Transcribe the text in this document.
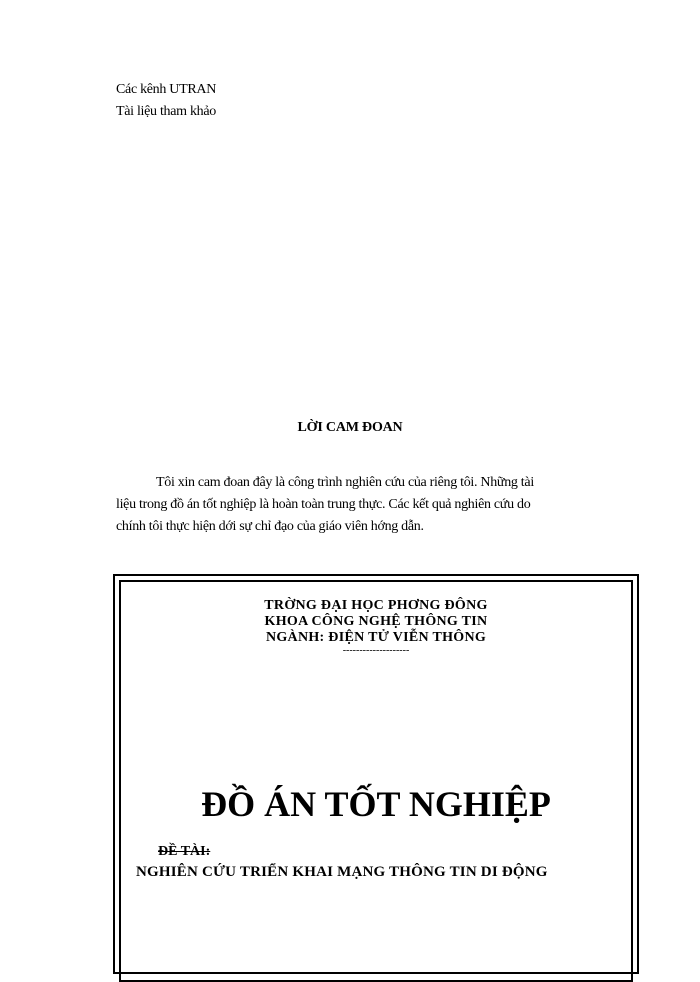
Các kênh UTRAN
Tài liệu tham khảo
LỜI CAM ĐOAN
Tôi xin cam đoan đây là công trình nghiên cứu của riêng tôi. Những tài
liệu trong đồ án tốt nghiệp là hoàn toàn trung thực. Các kết quả nghiên cứu do
chính tôi thực hiện dới sự chỉ đạo của giáo viên hớng dẫn.
TRỜNG ĐẠI HỌC PHƠNG ĐÔNG
KHOA CÔNG NGHỆ THÔNG TIN
NGÀNH: ĐIỆN TỬ VIỄN THÔNG
--------------------
ĐỒ ÁN TỐT NGHIỆP
ĐỀ TÀI:
NGHIÊN CỨU TRIỂN KHAI MẠNG THÔNG TIN DI ĐỘNG
